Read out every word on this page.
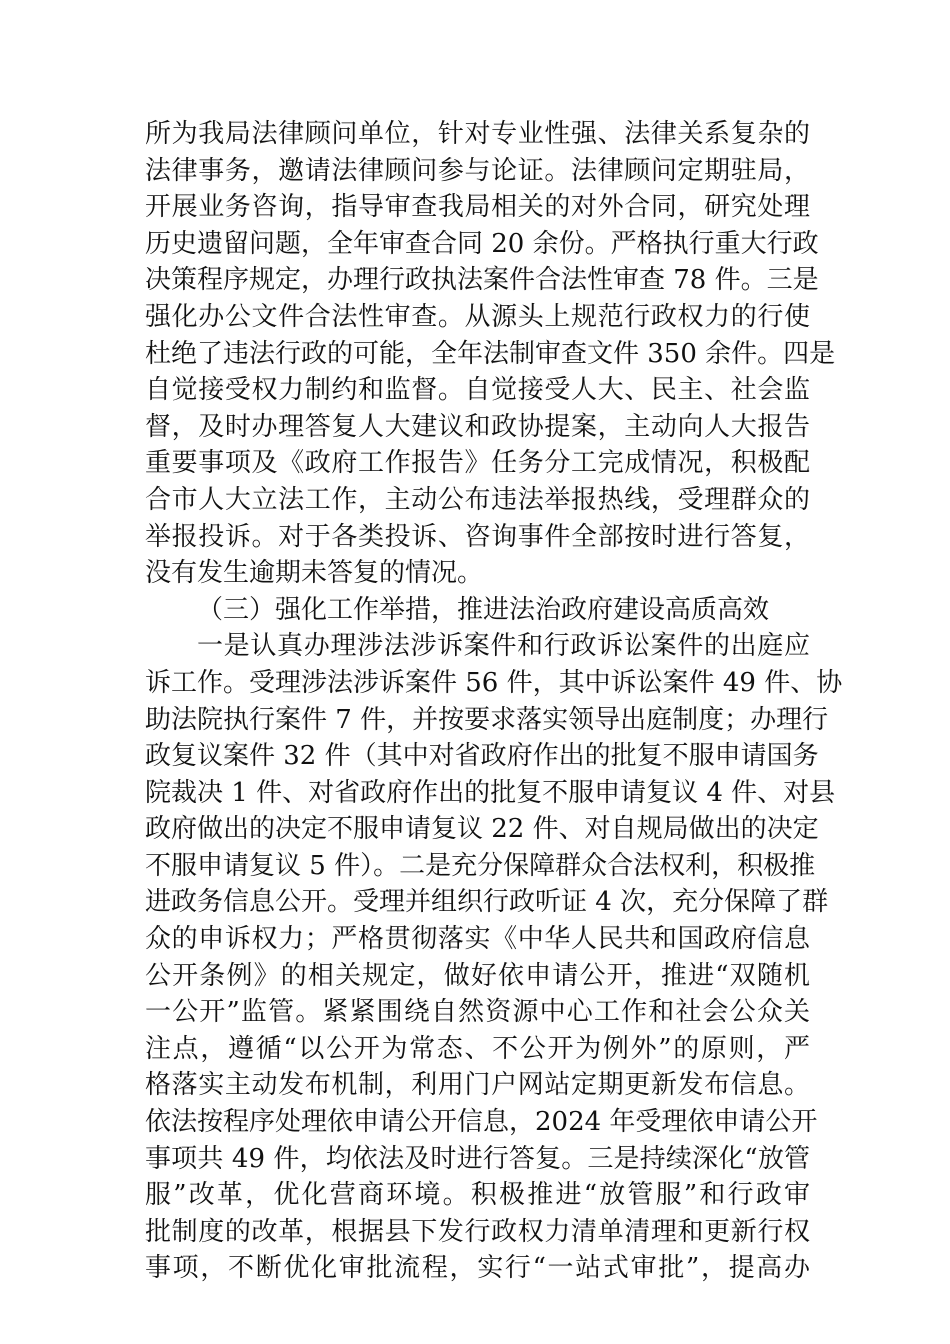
所为我局法律顾问单位，针对专业性强、法律关系复杂的
法律事务，邀请法律顾问参与论证。法律顾问定期驻局，
开展业务咨询，指导审查我局相关的对外合同，研究处理
历史遗留问题，全年审查合同 20 余份。严格执行重大行政
决策程序规定，办理行政执法案件合法性审查 78 件。三是
强化办公文件合法性审查。从源头上规范行政权力的行使
杜绝了违法行政的可能，全年法制审查文件 350 余件。四是
自觉接受权力制约和监督。自觉接受人大、民主、社会监
督，及时办理答复人大建议和政协提案，主动向人大报告
重要事项及《政府工作报告》任务分工完成情况，积极配
合市人大立法工作，主动公布违法举报热线，受理群众的
举报投诉。对于各类投诉、咨询事件全部按时进行答复，
没有发生逾期未答复的情况。
（三）强化工作举措，推进法治政府建设高质高效
一是认真办理涉法涉诉案件和行政诉讼案件的出庭应
诉工作。受理涉法涉诉案件 56 件，其中诉讼案件 49 件、协
助法院执行案件 7 件，并按要求落实领导出庭制度；办理行
政复议案件 32 件（其中对省政府作出的批复不服申请国务
院裁决 1 件、对省政府作出的批复不服申请复议 4 件、对县
政府做出的决定不服申请复议 22 件、对自规局做出的决定
不服申请复议 5 件）。二是充分保障群众合法权利，积极推
进政务信息公开。受理并组织行政听证 4 次，充分保障了群
众的申诉权力；严格贯彻落实《中华人民共和国政府信息
公开条例》的相关规定，做好依申请公开，推进“双随机
一公开”监管。紧紧围绕自然资源中心工作和社会公众关
注点，遵循“以公开为常态、不公开为例外”的原则，严
格落实主动发布机制，利用门户网站定期更新发布信息。
依法按程序处理依申请公开信息，2024 年受理依申请公开
事项共 49 件，均依法及时进行答复。三是持续深化“放管
服”改革，优化营商环境。积极推进“放管服”和行政审
批制度的改革，根据县下发行政权力清单清理和更新行权
事项，不断优化审批流程，实行“一站式审批”，提高办
